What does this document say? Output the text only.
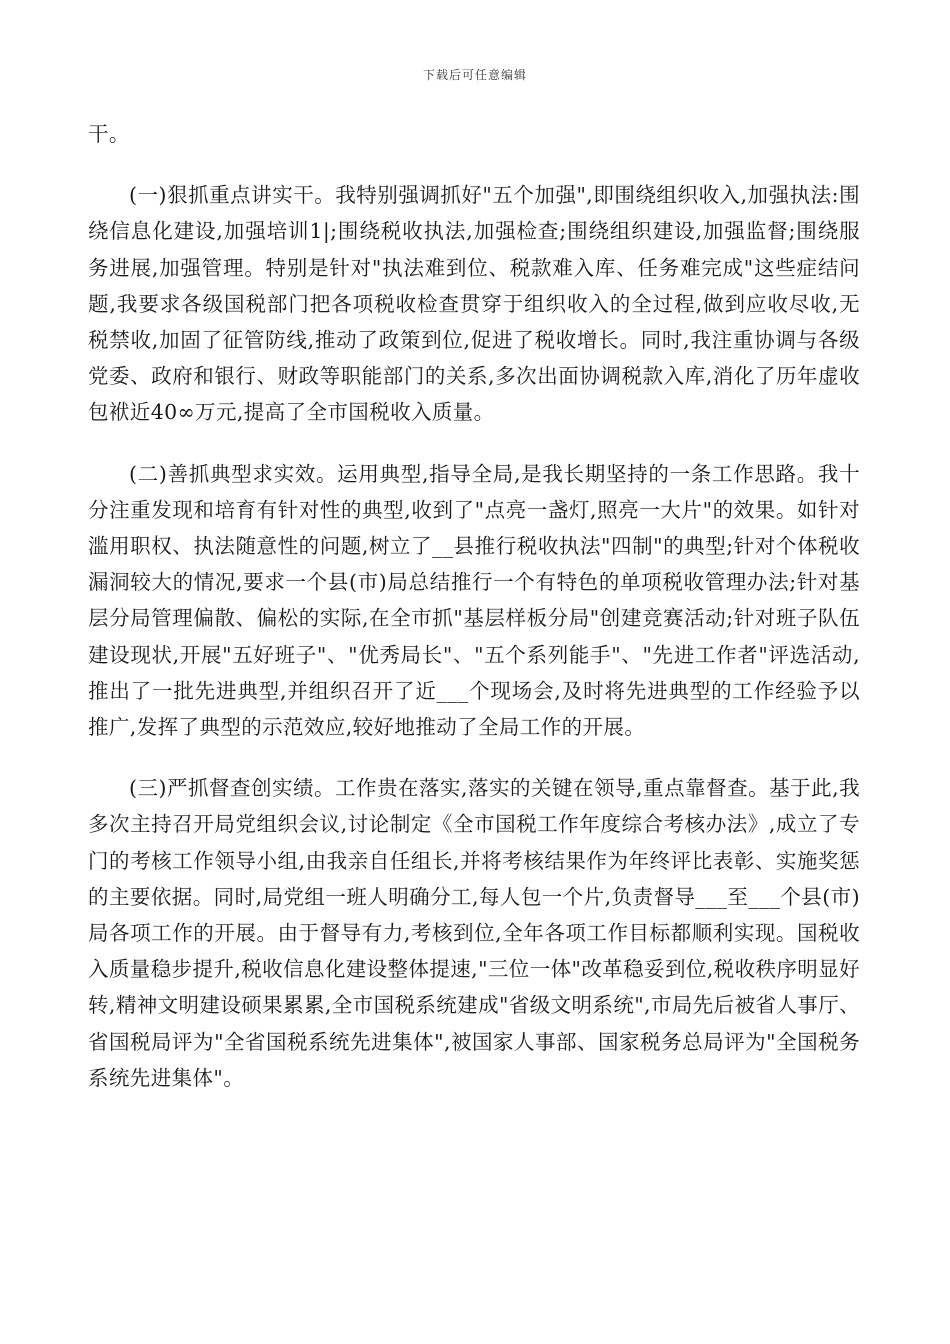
下载后可任意编辑

干。

(一)狠抓重点讲实干。我特别强调抓好"五个加强",即围绕组织收入,加强执法:围绕信息化建设,加强培训1|;围绕税收执法,加强检查;围绕组织建设,加强监督;围绕服务进展,加强管理。特别是针对"执法难到位、税款难入库、任务难完成"这些症结问题,我要求各级国税部门把各项税收检查贯穿于组织收入的全过程,做到应收尽收,无税禁收,加固了征管防线,推动了政策到位,促进了税收增长。同时,我注重协调与各级党委、政府和银行、财政等职能部门的关系,多次出面协调税款入库,消化了历年虚收包袱近40∞万元,提高了全市国税收入质量。

(二)善抓典型求实效。运用典型,指导全局,是我长期坚持的一条工作思路。我十分注重发现和培育有针对性的典型,收到了"点亮一盏灯,照亮一大片"的效果。如针对滥用职权、执法随意性的问题,树立了__县推行税收执法"四制"的典型;针对个体税收漏洞较大的情况,要求一个县(市)局总结推行一个有特色的单项税收管理办法;针对基层分局管理偏散、偏松的实际,在全市抓"基层样板分局"创建竞赛活动;针对班子队伍建设现状,开展"五好班子"、"优秀局长"、"五个系列能手"、"先进工作者"评选活动,推出了一批先进典型,并组织召开了近___个现场会,及时将先进典型的工作经验予以推广,发挥了典型的示范效应,较好地推动了全局工作的开展。

(三)严抓督查创实绩。工作贵在落实,落实的关键在领导,重点靠督查。基于此,我多次主持召开局党组织会议,讨论制定《全市国税工作年度综合考核办法》,成立了专门的考核工作领导小组,由我亲自任组长,并将考核结果作为年终评比表彰、实施奖惩的主要依据。同时,局党组一班人明确分工,每人包一个片,负责督导___至___个县(市)局各项工作的开展。由于督导有力,考核到位,全年各项工作目标都顺利实现。国税收入质量稳步提升,税收信息化建设整体提速,"三位一体"改革稳妥到位,税收秩序明显好转,精神文明建设硕果累累,全市国税系统建成"省级文明系统",市局先后被省人事厅、省国税局评为"全省国税系统先进集体",被国家人事部、国家税务总局评为"全国税务系统先进集体"。
